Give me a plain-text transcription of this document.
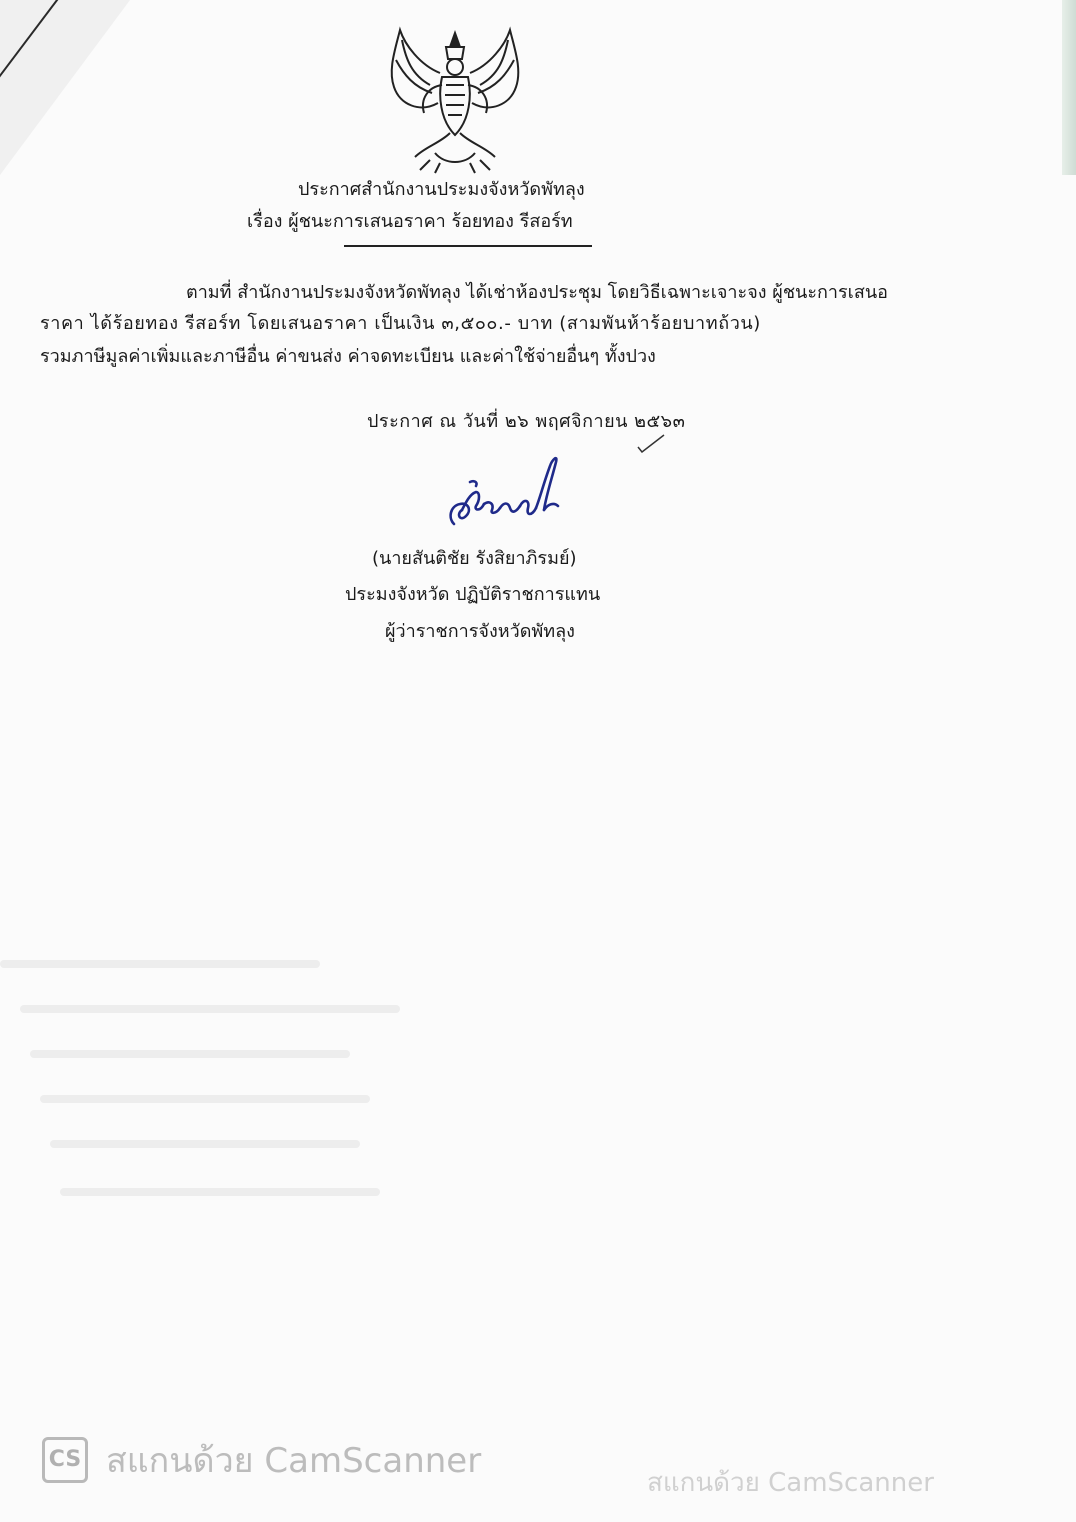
ประกาศสำนักงานประมงจังหวัดพัทลุง
เรื่อง ผู้ชนะการเสนอราคา ร้อยทอง รีสอร์ท
ตามที่ สำนักงานประมงจังหวัดพัทลุง ได้เช่าห้องประชุม โดยวิธีเฉพาะเจาะจง ผู้ชนะการเสนอ
ราคา ได้ร้อยทอง รีสอร์ท โดยเสนอราคา เป็นเงิน ๓,๕๐๐.- บาท (สามพันห้าร้อยบาทถ้วน)
รวมภาษีมูลค่าเพิ่มและภาษีอื่น ค่าขนส่ง ค่าจดทะเบียน และค่าใช้จ่ายอื่นๆ ทั้งปวง
ประกาศ ณ วันที่ ๒๖ พฤศจิกายน ๒๕๖๓
(นายสันติชัย รังสิยาภิรมย์)
ประมงจังหวัด ปฏิบัติราชการแทน
ผู้ว่าราชการจังหวัดพัทลุง
CS สแกนด้วย CamScanner
สแกนด้วย CamScanner
